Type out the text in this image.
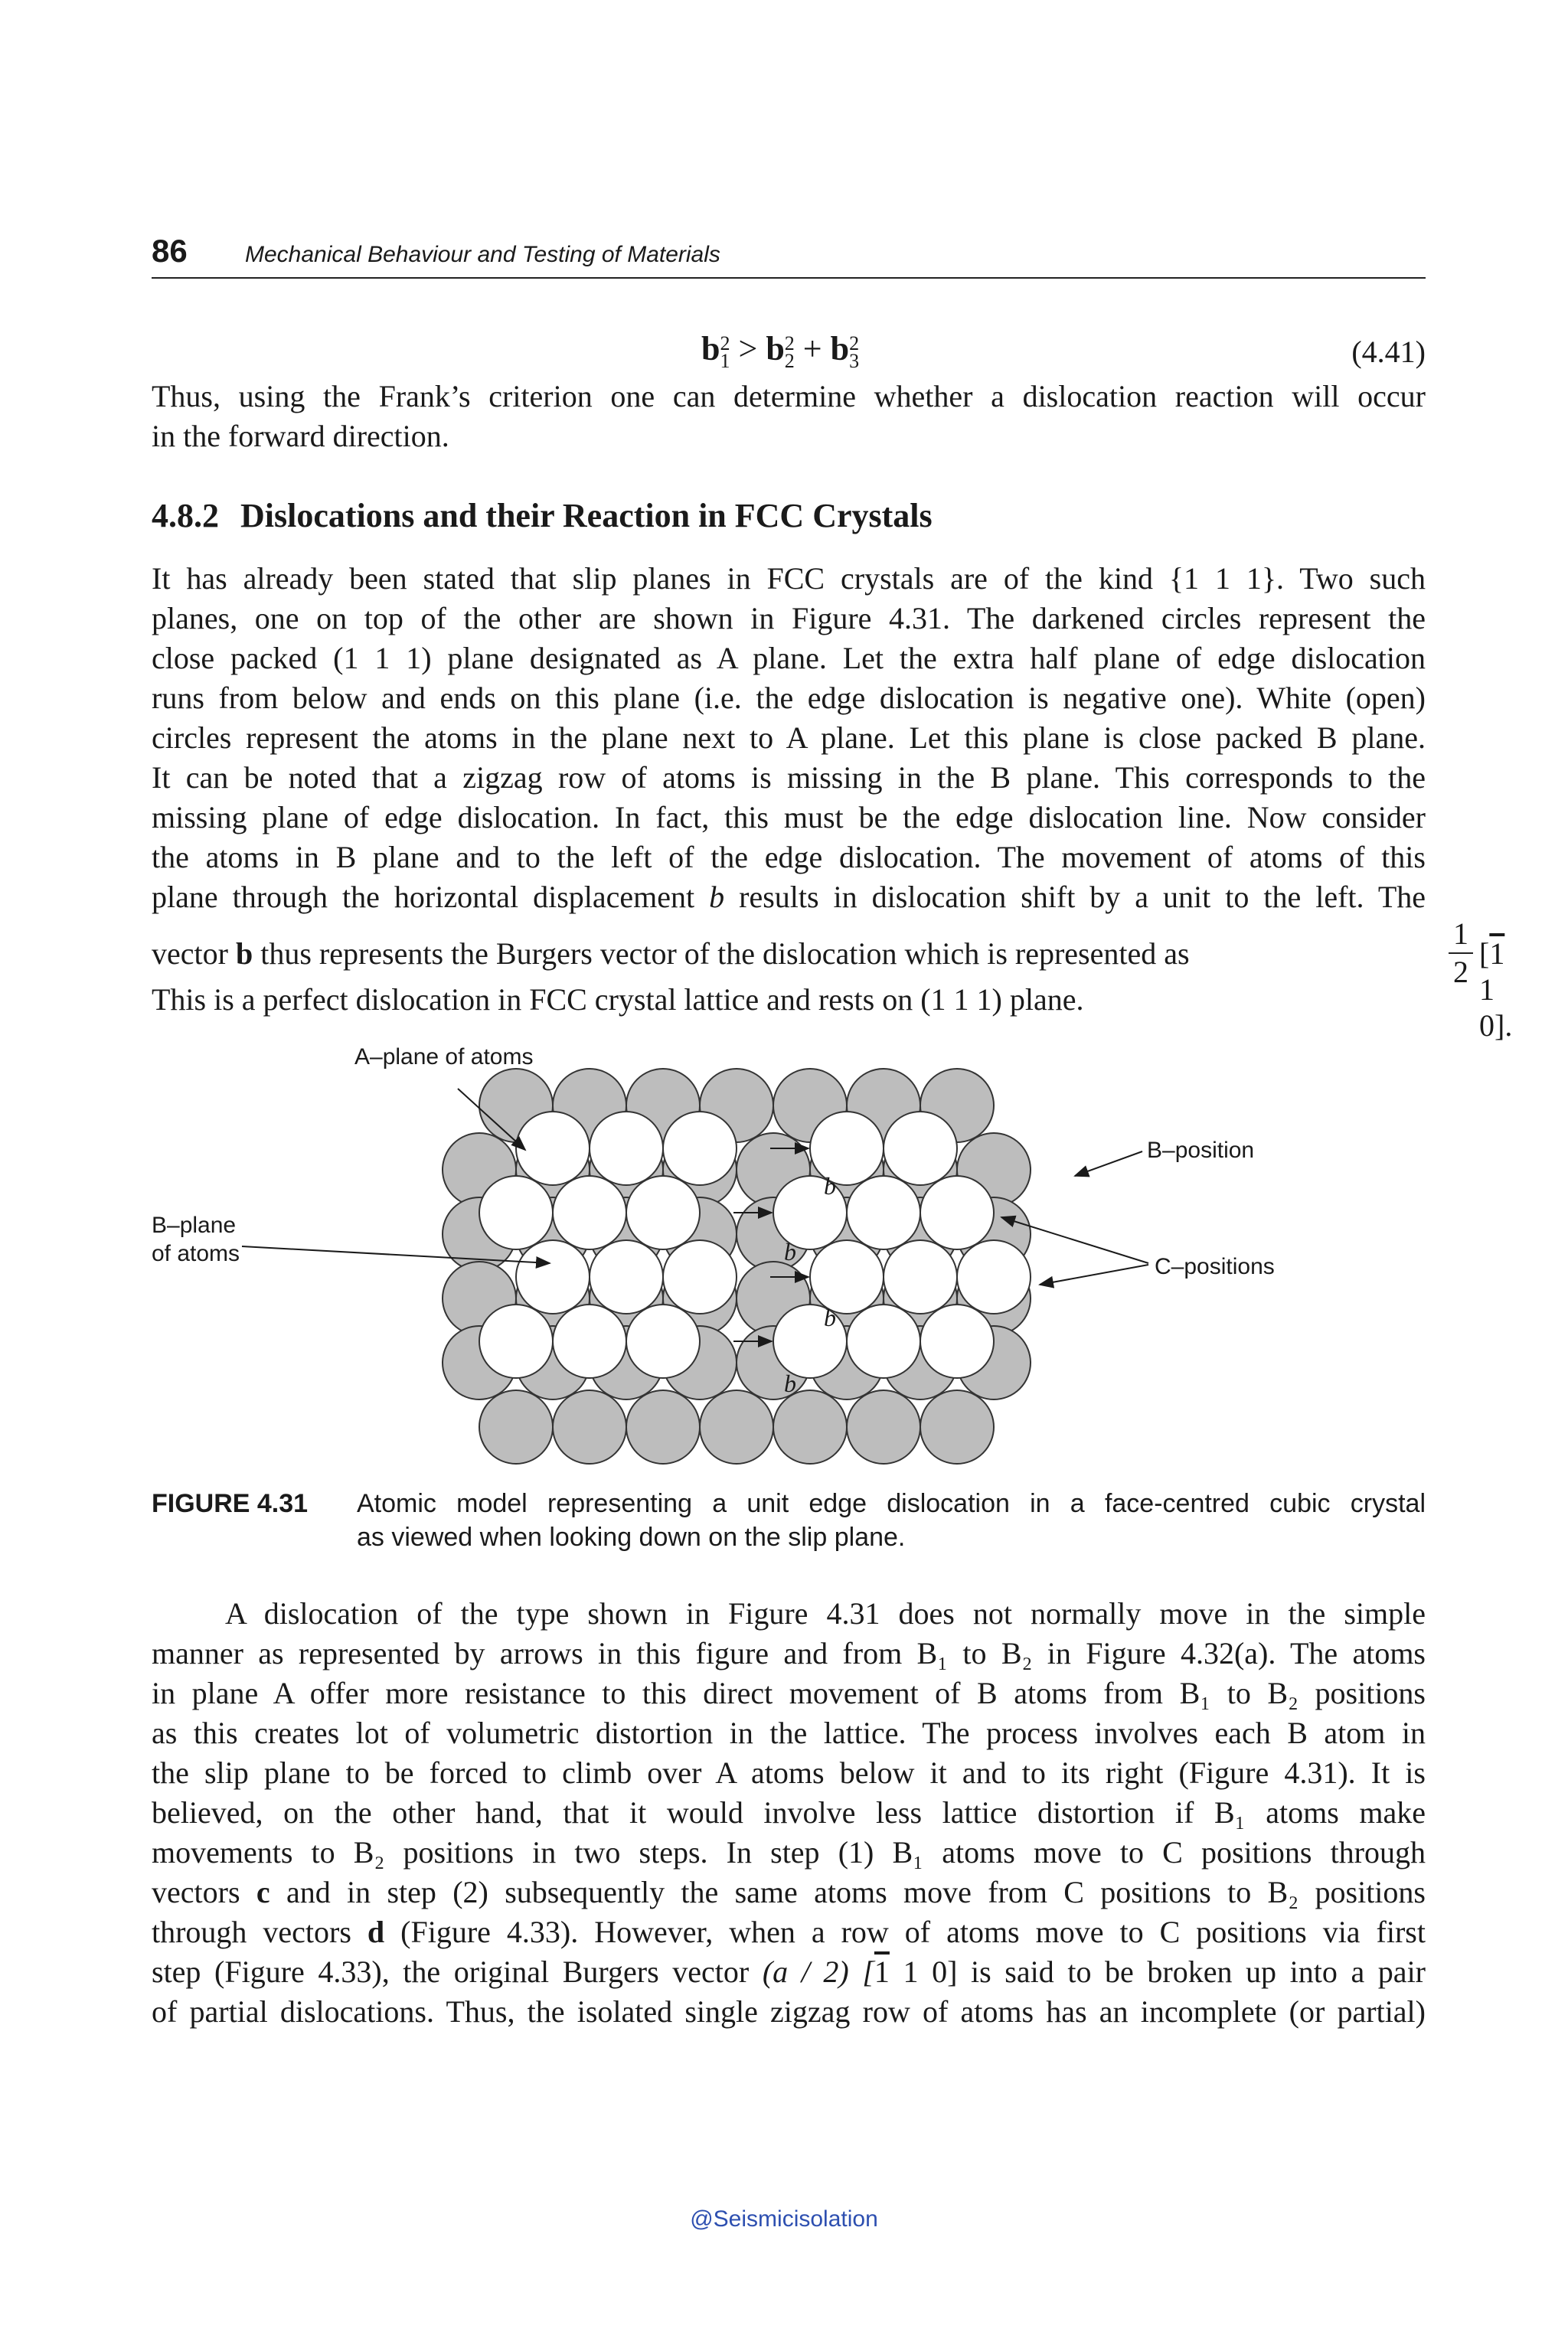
86	Mechanical Behaviour and Testing of Materials
b2
1 > b2
2 + b2
3	(4.41)

Thus, using the Frank’s criterion one can determine whether a dislocation reaction will occur
in the forward direction.

4.8.2 Dislocations and their Reaction in FCC Crystals

It has already been stated that slip planes in FCC crystals are of the kind {1 1 1}. Two such
planes, one on top of the other are shown in Figure 4.31. The darkened circles represent the
close packed (1 1 1) plane designated as A plane. Let the extra half plane of edge dislocation
runs from below and ends on this plane (i.e. the edge dislocation is negative one). White (open)
circles represent the atoms in the plane next to A plane. Let this plane is close packed B plane.
It can be noted that a zigzag row of atoms is missing in the B plane. This corresponds to the
missing plane of edge dislocation. In fact, this must be the edge dislocation line. Now consider
the atoms in B plane and to the left of the edge dislocation. The movement of atoms of this
plane through the horizontal displacement b results in dislocation shift by a unit to the left. The

vector b thus represents the Burgers vector of the dislocation which is represented as
1
2
[1 1 0].

This is a perfect dislocation in FCC crystal lattice and rests on (1 1 1) plane.

A–plane of atoms
B–plane
of atoms
B–position
C–positions
b
b
b
b
FIGURE 4.31 Atomic model representing a unit edge dislocation in a face-centred cubic crystal
as viewed when looking down on the slip plane.

A dislocation of the type shown in Figure 4.31 does not normally move in the simple
manner as represented by arrows in this figure and from B₁ to B₂ in Figure 4.32(a). The atoms
in plane A offer more resistance to this direct movement of B atoms from B₁ to B₂ positions
as this creates lot of volumetric distortion in the lattice. The process involves each B atom in
the slip plane to be forced to climb over A atoms below it and to its right (Figure 4.31). It is
believed, on the other hand, that it would involve less lattice distortion if B₁ atoms make
movements to B₂ positions in two steps. In step (1) B₁ atoms move to C positions through
vectors c and in step (2) subsequently the same atoms move from C positions to B₂ positions
through vectors d (Figure 4.33). However, when a row of atoms move to C positions via first
step (Figure 4.33), the original Burgers vector (a / 2) [1 1 0] is said to be broken up into a pair
of partial dislocations. Thus, the isolated single zigzag row of atoms has an incomplete (or partial)

@Seismicisolation
